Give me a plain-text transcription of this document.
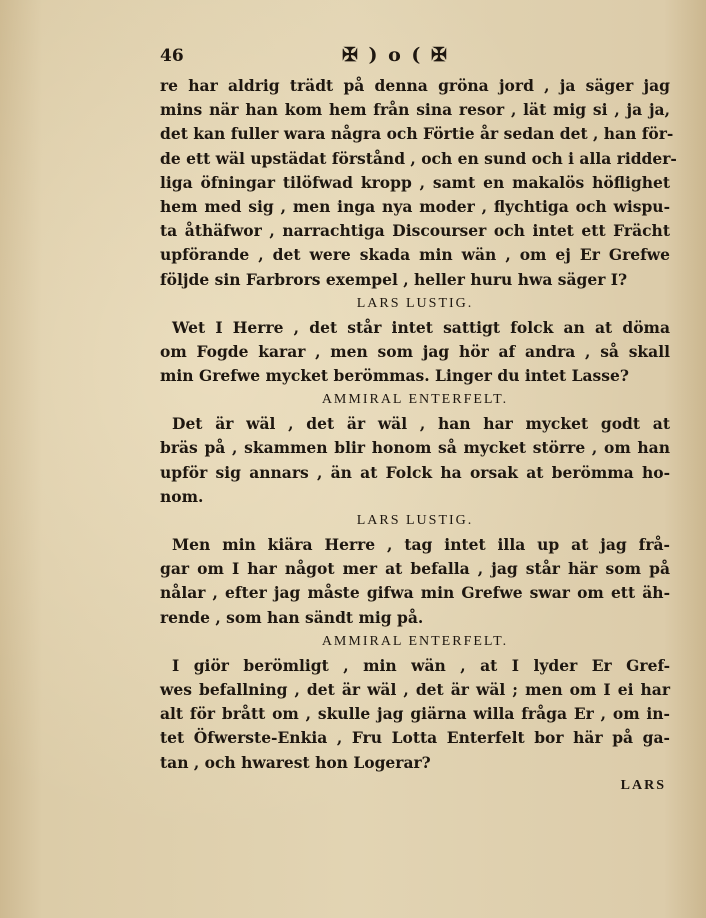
46	✠ ) o ( ✠
re har aldrig trädt på denna gröna jord , ja säger jag
mins när han kom hem från sina resor , lät mig si , ja ja,
det kan fuller wara några och Förtie år sedan det , han för-
de ett wäl upstädat förstånd , och en sund och i alla ridder-
liga öfningar tilöfwad kropp , samt en makalös höflighet
hem med sig , men inga nya moder , flychtiga och wispu-
ta åthäfwor , narrachtiga Discourser och intet ett Frächt
upförande , det were skada min wän , om ej Er Grefwe
följde sin Farbrors exempel , heller huru hwa säger I?
LARS LUSTIG.
Wet I Herre , det står intet sattigt folck an at döma
om Fogde karar , men som jag hör af andra , så skall
min Grefwe mycket berömmas. Linger du intet Lasse?
AMMIRAL ENTERFELT.
Det är wäl , det är wäl , han har mycket godt at
bräs på , skammen blir honom så mycket större , om han
upför sig annars , än at Folck ha orsak at berömma ho-
nom.
LARS LUSTIG.
Men min kiära Herre , tag intet illa up at jag frå-
gar om I har något mer at befalla , jag står här som på
nålar , efter jag måste gifwa min Grefwe swar om ett äh-
rende , som han sändt mig på.
AMMIRAL ENTERFELT.
I giör berömligt , min wän , at I lyder Er Gref-
wes befallning , det är wäl , det är wäl ; men om I ei har
alt för brått om , skulle jag giärna willa fråga Er , om in-
tet Öfwerste-Enkia , Fru Lotta Enterfelt bor här på ga-
tan , och hwarest hon Logerar?
LARS
